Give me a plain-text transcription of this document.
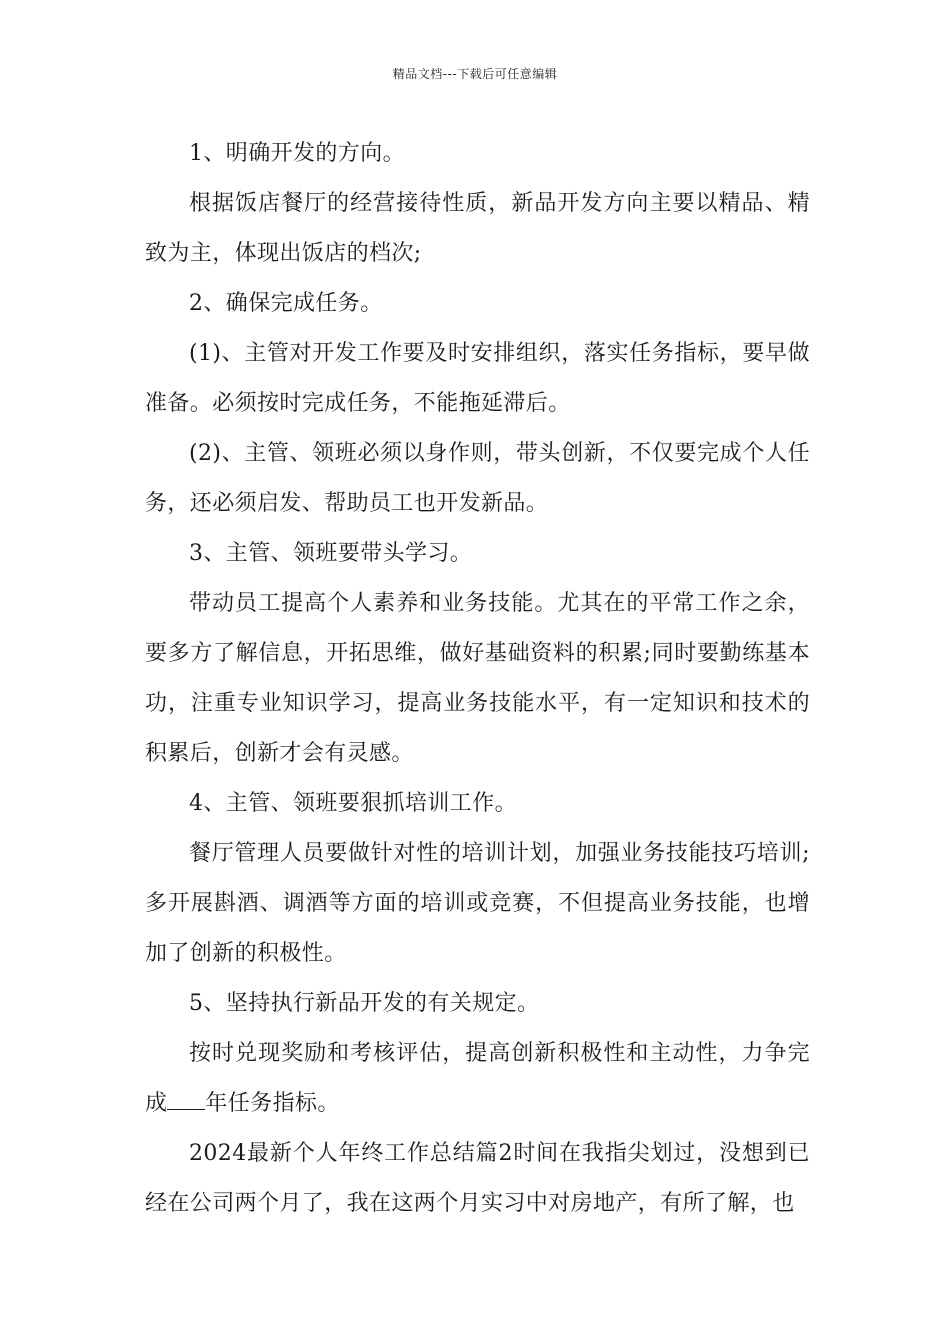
精品文档---下载后可任意编辑

1、明确开发的方向。

根据饭店餐厅的经营接待性质，新品开发方向主要以精品、精致为主，体现出饭店的档次;

2、确保完成任务。

(1)、主管对开发工作要及时安排组织，落实任务指标，要早做准备。必须按时完成任务，不能拖延滞后。

(2)、主管、领班必须以身作则，带头创新，不仅要完成个人任务，还必须启发、帮助员工也开发新品。

3、主管、领班要带头学习。

带动员工提高个人素养和业务技能。尤其在的平常工作之余，要多方了解信息，开拓思维，做好基础资料的积累;同时要勤练基本功，注重专业知识学习，提高业务技能水平，有一定知识和技术的积累后，创新才会有灵感。

4、主管、领班要狠抓培训工作。

餐厅管理人员要做针对性的培训计划，加强业务技能技巧培训;多开展斟酒、调酒等方面的培训或竞赛，不但提高业务技能，也增加了创新的积极性。

5、坚持执行新品开发的有关规定。

按时兑现奖励和考核评估，提高创新积极性和主动性，力争完成 年任务指标。

2024最新个人年终工作总结篇2时间在我指尖划过，没想到已经在公司两个月了，我在这两个月实习中对房地产，有所了解，也
